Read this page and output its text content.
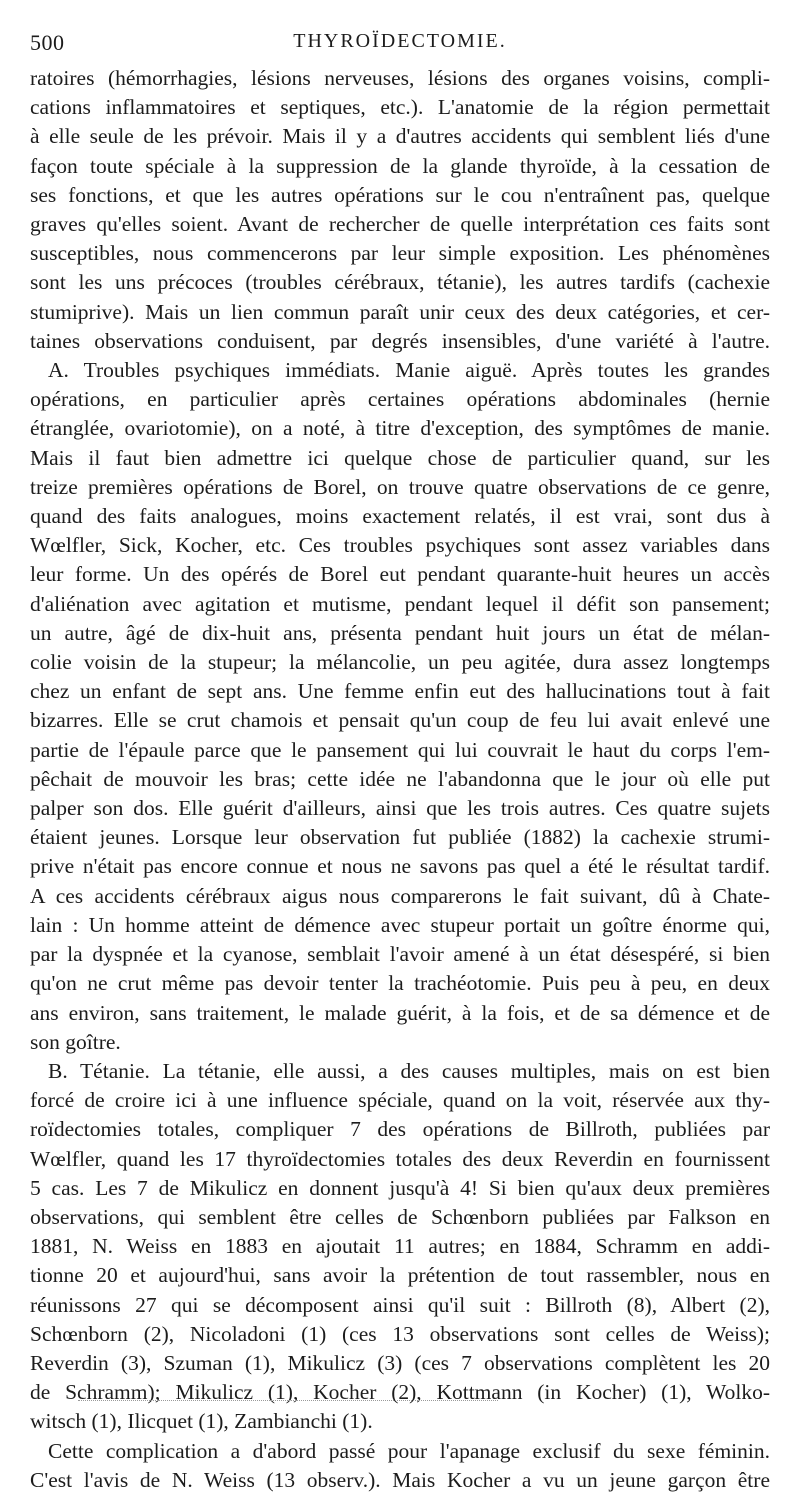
500	THYROÏDECTOMIE.
ratoires (hémorrhagies, lésions nerveuses, lésions des organes voisins, compli-
cations inflammatoires et septiques, etc.). L'anatomie de la région permettait
à elle seule de les prévoir. Mais il y a d'autres accidents qui semblent liés d'une
façon toute spéciale à la suppression de la glande thyroïde, à la cessation de
ses fonctions, et que les autres opérations sur le cou n'entraînent pas, quelque
graves qu'elles soient. Avant de rechercher de quelle interprétation ces faits sont
susceptibles, nous commencerons par leur simple exposition. Les phénomènes
sont les uns précoces (troubles cérébraux, tétanie), les autres tardifs (cachexie
stumiprive). Mais un lien commun paraît unir ceux des deux catégories, et cer-
taines observations conduisent, par degrés insensibles, d'une variété à l'autre.
A. Troubles psychiques immédiats. Manie aiguë. Après toutes les grandes
opérations, en particulier après certaines opérations abdominales (hernie
étranglée, ovariotomie), on a noté, à titre d'exception, des symptômes de manie.
Mais il faut bien admettre ici quelque chose de particulier quand, sur les
treize premières opérations de Borel, on trouve quatre observations de ce genre,
quand des faits analogues, moins exactement relatés, il est vrai, sont dus à
Wœlfler, Sick, Kocher, etc. Ces troubles psychiques sont assez variables dans
leur forme. Un des opérés de Borel eut pendant quarante-huit heures un accès
d'aliénation avec agitation et mutisme, pendant lequel il défit son pansement;
un autre, âgé de dix-huit ans, présenta pendant huit jours un état de mélan-
colie voisin de la stupeur; la mélancolie, un peu agitée, dura assez longtemps
chez un enfant de sept ans. Une femme enfin eut des hallucinations tout à fait
bizarres. Elle se crut chamois et pensait qu'un coup de feu lui avait enlevé une
partie de l'épaule parce que le pansement qui lui couvrait le haut du corps l'em-
pêchait de mouvoir les bras; cette idée ne l'abandonna que le jour où elle put
palper son dos. Elle guérit d'ailleurs, ainsi que les trois autres. Ces quatre sujets
étaient jeunes. Lorsque leur observation fut publiée (1882) la cachexie strumi-
prive n'était pas encore connue et nous ne savons pas quel a été le résultat tardif.
A ces accidents cérébraux aigus nous comparerons le fait suivant, dû à Chate-
lain : Un homme atteint de démence avec stupeur portait un goître énorme qui,
par la dyspnée et la cyanose, semblait l'avoir amené à un état désespéré, si bien
qu'on ne crut même pas devoir tenter la trachéotomie. Puis peu à peu, en deux
ans environ, sans traitement, le malade guérit, à la fois, et de sa démence et de
son goître.
B. Tétanie. La tétanie, elle aussi, a des causes multiples, mais on est bien
forcé de croire ici à une influence spéciale, quand on la voit, réservée aux thy-
roïdectomies totales, compliquer 7 des opérations de Billroth, publiées par
Wœlfler, quand les 17 thyroïdectomies totales des deux Reverdin en fournissent
5 cas. Les 7 de Mikulicz en donnent jusqu'à 4! Si bien qu'aux deux premières
observations, qui semblent être celles de Schœnborn publiées par Falkson en
1881, N. Weiss en 1883 en ajoutait 11 autres; en 1884, Schramm en addi-
tionne 20 et aujourd'hui, sans avoir la prétention de tout rassembler, nous en
réunissons 27 qui se décomposent ainsi qu'il suit : Billroth (8), Albert (2),
Schœnborn (2), Nicoladoni (1) (ces 13 observations sont celles de Weiss);
Reverdin (3), Szuman (1), Mikulicz (3) (ces 7 observations complètent les 20
de Schramm); Mikulicz (1), Kocher (2), Kottmann (in Kocher) (1), Wolko-
witsch (1), Ilicquet (1), Zambianchi (1).
Cette complication a d'abord passé pour l'apanage exclusif du sexe féminin.
C'est l'avis de N. Weiss (13 observ.). Mais Kocher a vu un jeune garçon être
